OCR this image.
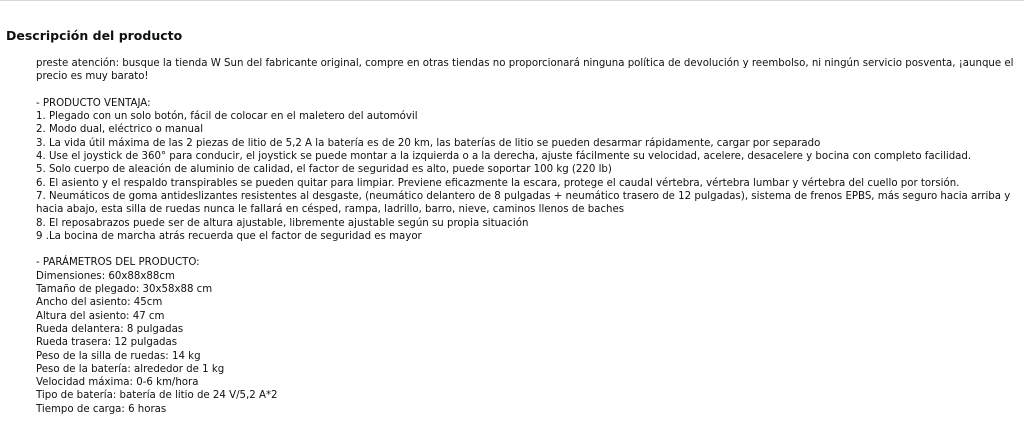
Descripción del producto

preste atención: busque la tienda W Sun del fabricante original, compre en otras tiendas no proporcionará ninguna política de devolución y reembolso, ni ningún servicio posventa, ¡aunque el precio es muy barato!

- PRODUCTO VENTAJA:

1. Plegado con un solo botón, fácil de colocar en el maletero del automóvil

2. Modo dual, eléctrico o manual

3. La vida útil máxima de las 2 piezas de litio de 5,2 A la batería es de 20 km, las baterías de litio se pueden desarmar rápidamente, cargar por separado

4. Use el joystick de 360° para conducir, el joystick se puede montar a la izquierda o a la derecha, ajuste fácilmente su velocidad, acelere, desacelere y bocina con completo facilidad.

5. Solo cuerpo de aleación de aluminio de calidad, el factor de seguridad es alto, puede soportar 100 kg (220 lb)

6. El asiento y el respaldo transpirables se pueden quitar para limpiar. Previene eficazmente la escara, protege el caudal vértebra, vértebra lumbar y vértebra del cuello por torsión.

7. Neumáticos de goma antideslizantes resistentes al desgaste, (neumático delantero de 8 pulgadas + neumático trasero de 12 pulgadas), sistema de frenos EPBS, más seguro hacia arriba y hacia abajo, esta silla de ruedas nunca le fallará en césped, rampa, ladrillo, barro, nieve, caminos llenos de baches

8. El reposabrazos puede ser de altura ajustable, libremente ajustable según su propia situación

9 .La bocina de marcha atrás recuerda que el factor de seguridad es mayor

- PARÁMETROS DEL PRODUCTO:

Dimensiones: 60x88x88cm

Tamaño de plegado: 30x58x88 cm

Ancho del asiento: 45cm

Altura del asiento: 47 cm

Rueda delantera: 8 pulgadas

Rueda trasera: 12 pulgadas

Peso de la silla de ruedas: 14 kg

Peso de la batería: alrededor de 1 kg

Velocidad máxima: 0-6 km/hora

Tipo de batería: batería de litio de 24 V/5,2 A*2

Tiempo de carga: 6 horas
